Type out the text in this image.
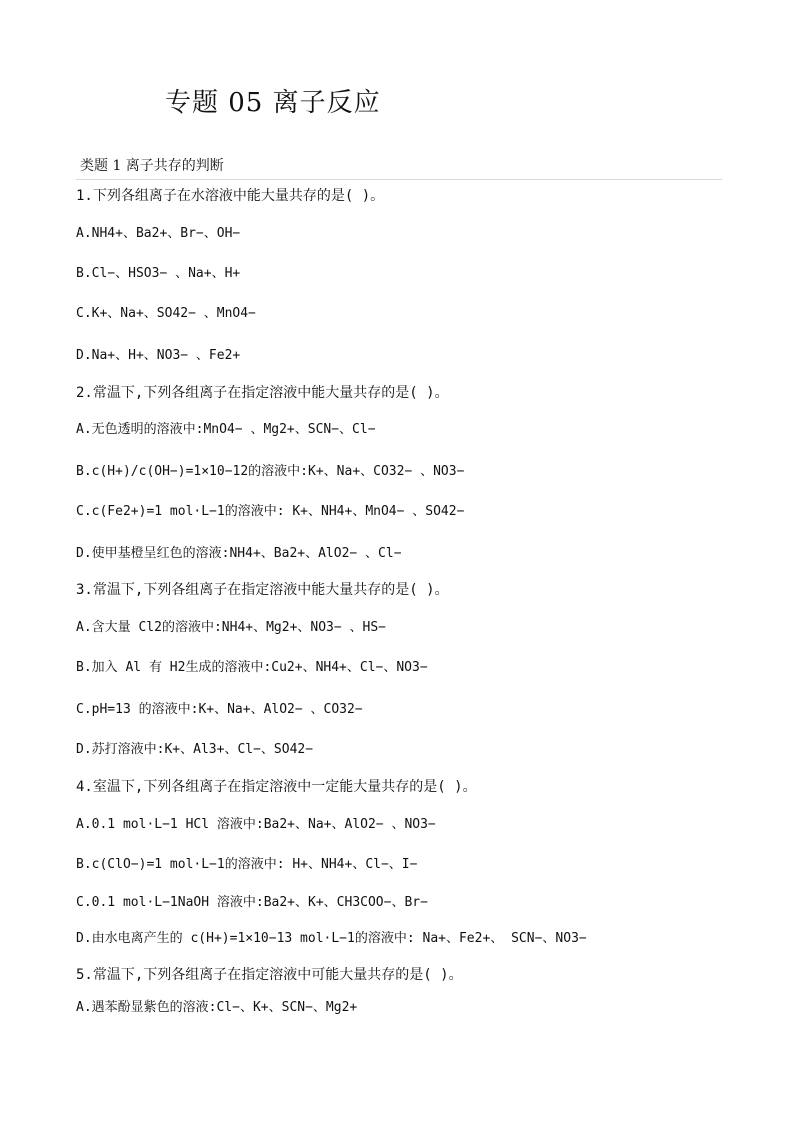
专题 05 离子反应
类题 1 离子共存的判断
1.下列各组离子在水溶液中能大量共存的是( )。
A.NH4+、Ba2+、Br−、OH−
B.Cl−、HSO3− 、Na+、H+
C.K+、Na+、SO42− 、MnO4−
D.Na+、H+、NO3− 、Fe2+
2.常温下,下列各组离子在指定溶液中能大量共存的是( )。
A.无色透明的溶液中:MnO4− 、Mg2+、SCN−、Cl−
B.c(H+)/c(OH−)=1×10−12的溶液中:K+、Na+、CO32− 、NO3−
C.c(Fe2+)=1 mol·L−1的溶液中: K+、NH4+、MnO4− 、SO42−
D.使甲基橙呈红色的溶液:NH4+、Ba2+、AlO2− 、Cl−
3.常温下,下列各组离子在指定溶液中能大量共存的是( )。
A.含大量 Cl2的溶液中:NH4+、Mg2+、NO3− 、HS−
B.加入 Al 有 H2生成的溶液中:Cu2+、NH4+、Cl−、NO3−
C.pH=13 的溶液中:K+、Na+、AlO2− 、CO32−
D.苏打溶液中:K+、Al3+、Cl−、SO42−
4.室温下,下列各组离子在指定溶液中一定能大量共存的是( )。
A.0.1 mol·L−1 HCl 溶液中:Ba2+、Na+、AlO2− 、NO3−
B.c(ClO−)=1 mol·L−1的溶液中: H+、NH4+、Cl−、I−
C.0.1 mol·L−1NaOH 溶液中:Ba2+、K+、CH3COO−、Br−
D.由水电离产生的 c(H+)=1×10−13 mol·L−1的溶液中: Na+、Fe2+、 SCN−、NO3−
5.常温下,下列各组离子在指定溶液中可能大量共存的是( )。
A.遇苯酚显紫色的溶液:Cl−、K+、SCN−、Mg2+
